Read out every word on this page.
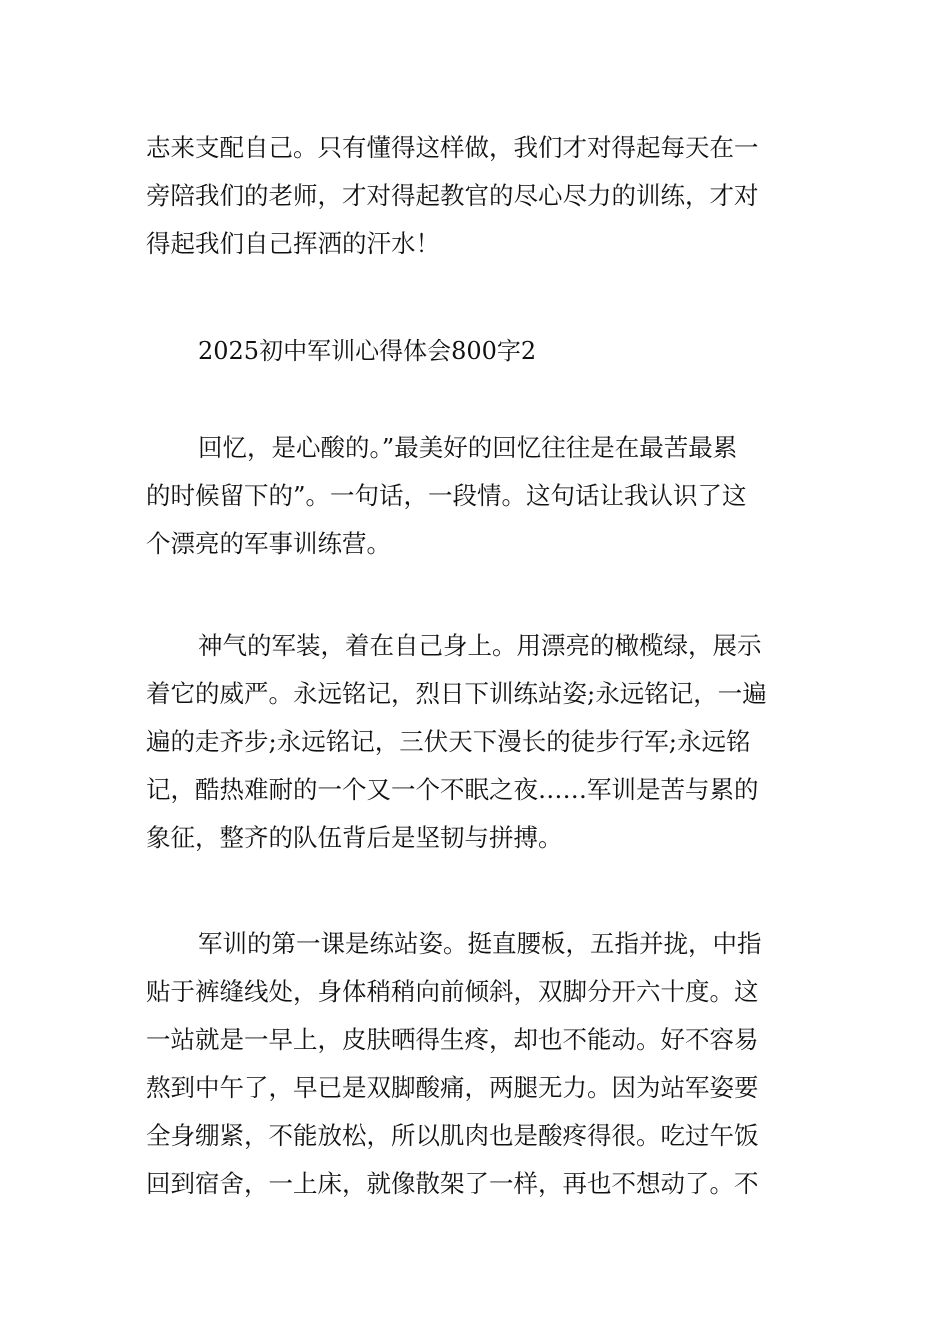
志来支配自己。只有懂得这样做，我们才对得起每天在一
旁陪我们的老师，才对得起教官的尽心尽力的训练，才对
得起我们自己挥洒的汗水！
2025初中军训心得体会800字2
回忆，是心酸的。”最美好的回忆往往是在最苦最累
的时候留下的”。一句话，一段情。这句话让我认识了这
个漂亮的军事训练营。
神气的军装，着在自己身上。用漂亮的橄榄绿，展示
着它的威严。永远铭记，烈日下训练站姿;永远铭记，一遍
遍的走齐步;永远铭记，三伏天下漫长的徒步行军;永远铭
记，酷热难耐的一个又一个不眠之夜……军训是苦与累的
象征，整齐的队伍背后是坚韧与拼搏。
军训的第一课是练站姿。挺直腰板，五指并拢，中指
贴于裤缝线处，身体稍稍向前倾斜，双脚分开六十度。这
一站就是一早上，皮肤晒得生疼，却也不能动。好不容易
熬到中午了，早已是双脚酸痛，两腿无力。因为站军姿要
全身绷紧，不能放松，所以肌肉也是酸疼得很。吃过午饭
回到宿舍，一上床，就像散架了一样，再也不想动了。不
